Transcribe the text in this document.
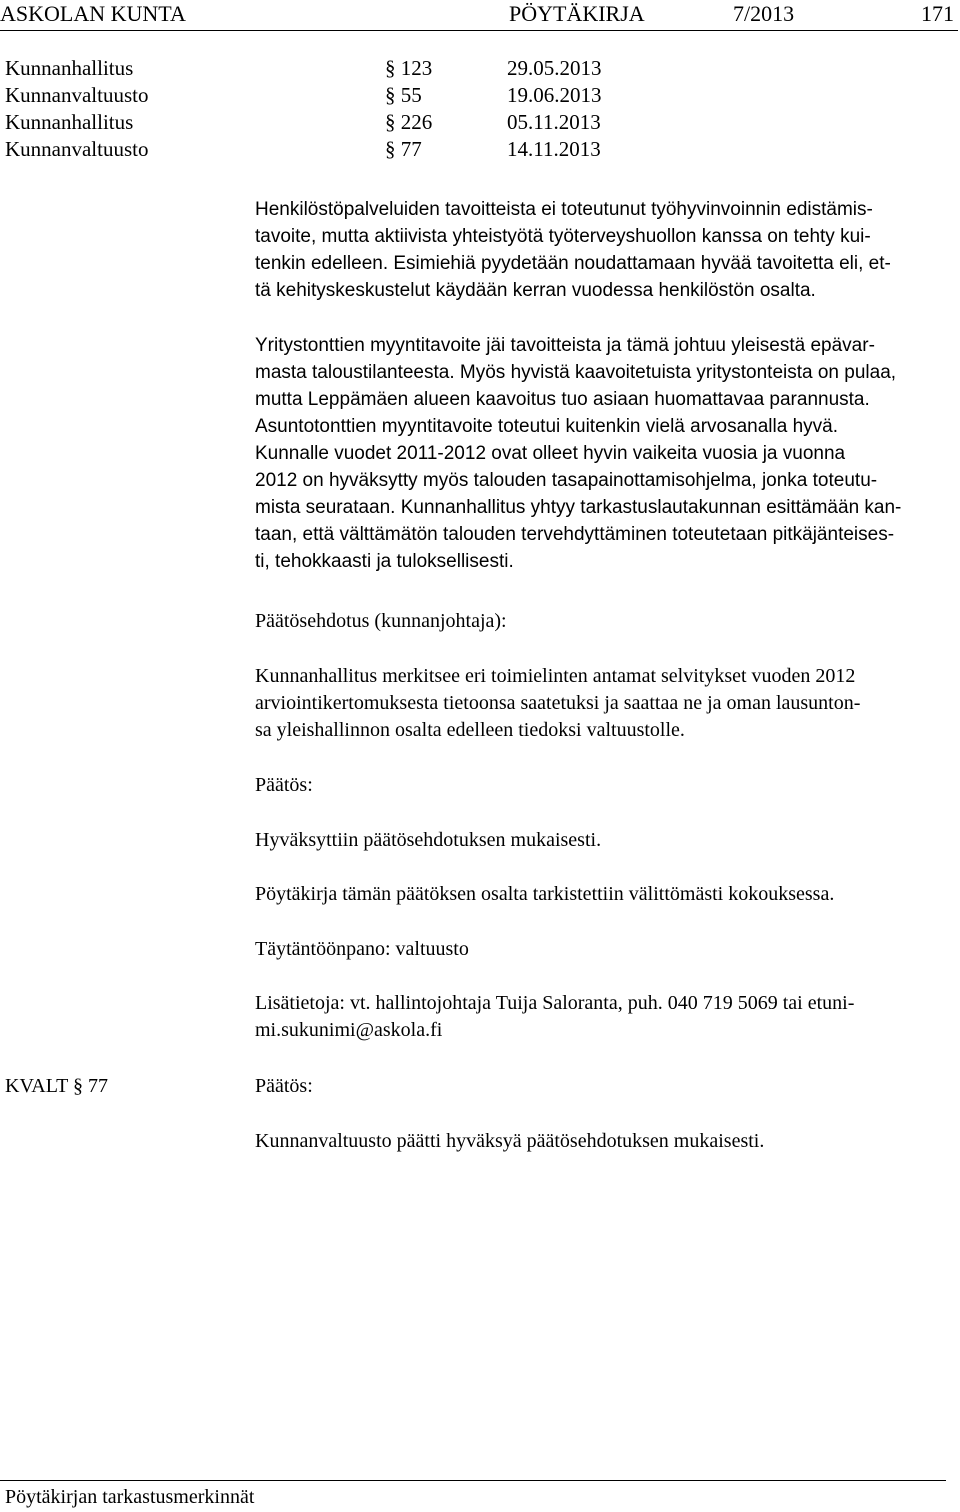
ASKOLAN KUNTA	PÖYTÄKIRJA	7/2013	171
Kunnanhallitus	§ 123	29.05.2013
Kunnanvaltuusto	§ 55	19.06.2013
Kunnanhallitus	§ 226	05.11.2013
Kunnanvaltuusto	§ 77	14.11.2013
Henkilöstöpalveluiden tavoitteista ei toteutunut työhyvinvoinnin edistämis-
tavoite, mutta aktiivista yhteistyötä työterveyshuollon kanssa on tehty kui-
tenkin edelleen. Esimiehiä pyydetään noudattamaan hyvää tavoitetta eli, et-
tä kehityskeskustelut käydään kerran vuodessa henkilöstön osalta.
Yritystonttien myyntitavoite jäi tavoitteista ja tämä johtuu yleisestä epävar-
masta taloustilanteesta. Myös hyvistä kaavoitetuista yritystonteista on pulaa,
mutta Leppämäen alueen kaavoitus tuo asiaan huomattavaa parannusta.
Asuntotonttien myyntitavoite toteutui kuitenkin vielä arvosanalla hyvä.
Kunnalle vuodet 2011-2012 ovat olleet hyvin vaikeita vuosia ja vuonna
2012 on hyväksytty myös talouden tasapainottamisohjelma, jonka toteutu-
mista seurataan. Kunnanhallitus yhtyy tarkastuslautakunnan esittämään kan-
taan, että välttämätön talouden tervehdyttäminen toteutetaan pitkäjänteises-
ti, tehokkaasti ja tuloksellisesti.
Päätösehdotus (kunnanjohtaja):
Kunnanhallitus merkitsee eri toimielinten antamat selvitykset vuoden 2012
arviointikertomuksesta tietoonsa saatetuksi ja saattaa ne ja oman lausunton-
sa yleishallinnon osalta edelleen tiedoksi valtuustolle.
Päätös:
Hyväksyttiin päätösehdotuksen mukaisesti.
Pöytäkirja tämän päätöksen osalta tarkistettiin välittömästi kokouksessa.
Täytäntöönpano: valtuusto
Lisätietoja: vt. hallintojohtaja Tuija Saloranta, puh. 040 719 5069 tai etuni-
mi.sukunimi@askola.fi
KVALT § 77	Päätös:
Kunnanvaltuusto päätti hyväksyä päätösehdotuksen mukaisesti.
Pöytäkirjan tarkastusmerkinnät
